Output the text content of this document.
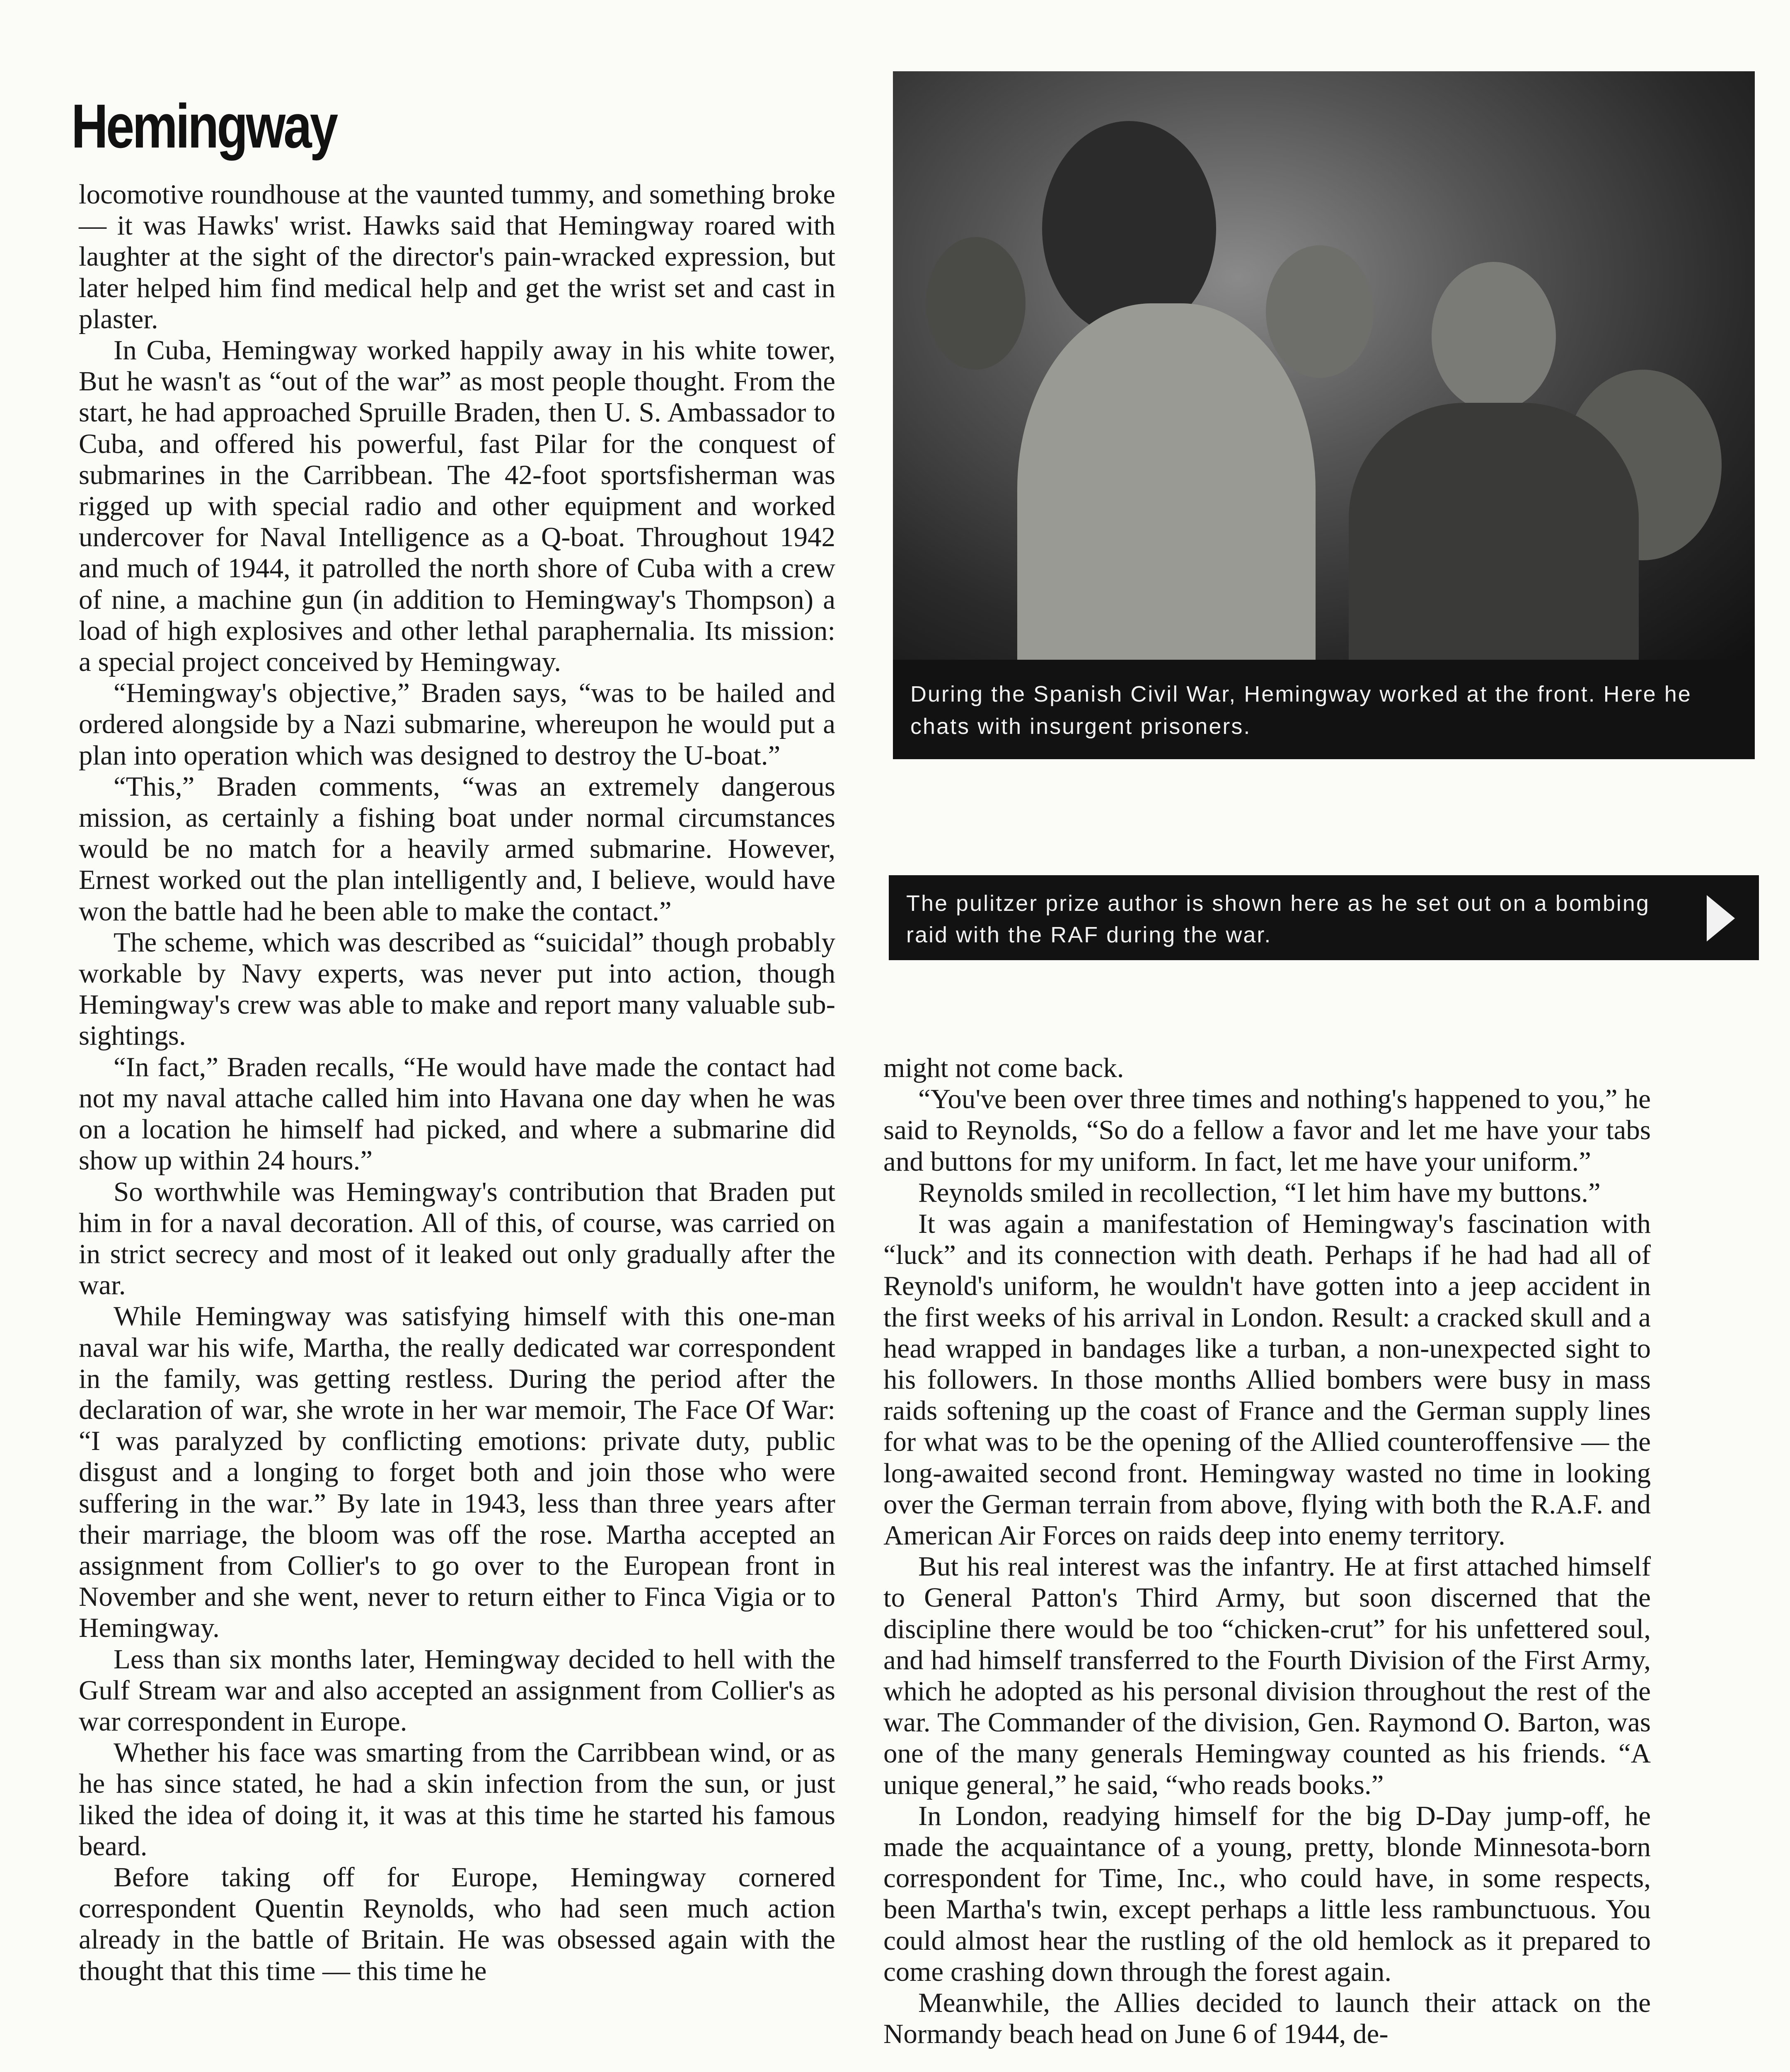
Hemingway

locomotive roundhouse at the vaunted tummy, and something broke — it was Hawks' wrist. Hawks said that Hemingway roared with laughter at the sight of the director's pain-wracked expression, but later helped him find medical help and get the wrist set and cast in plaster.

In Cuba, Hemingway worked happily away in his white tower, But he wasn't as “out of the war” as most people thought. From the start, he had approached Spruille Braden, then U. S. Ambassador to Cuba, and offered his powerful, fast Pilar for the conquest of submarines in the Carribbean. The 42-foot sportsfisherman was rigged up with special radio and other equipment and worked undercover for Naval Intelligence as a Q-boat. Throughout 1942 and much of 1944, it patrolled the north shore of Cuba with a crew of nine, a machine gun (in addition to Hemingway's Thompson) a load of high explosives and other lethal paraphernalia. Its mission: a special project conceived by Hemingway.

“Hemingway's objective,” Braden says, “was to be hailed and ordered alongside by a Nazi submarine, whereupon he would put a plan into operation which was designed to destroy the U-boat.”

“This,” Braden comments, “was an extremely dangerous mission, as certainly a fishing boat under normal circumstances would be no match for a heavily armed submarine. However, Ernest worked out the plan intelligently and, I believe, would have won the battle had he been able to make the contact.”

The scheme, which was described as “suicidal” though probably workable by Navy experts, was never put into action, though Hemingway's crew was able to make and report many valuable sub-sightings.

“In fact,” Braden recalls, “He would have made the contact had not my naval attache called him into Havana one day when he was on a location he himself had picked, and where a submarine did show up within 24 hours.”

So worthwhile was Hemingway's contribution that Braden put him in for a naval decoration. All of this, of course, was carried on in strict secrecy and most of it leaked out only gradually after the war.

While Hemingway was satisfying himself with this one-man naval war his wife, Martha, the really dedicated war correspondent in the family, was getting restless. During the period after the declaration of war, she wrote in her war memoir, The Face Of War: “I was paralyzed by conflicting emotions: private duty, public disgust and a longing to forget both and join those who were suffering in the war.” By late in 1943, less than three years after their marriage, the bloom was off the rose. Martha accepted an assignment from Collier's to go over to the European front in November and she went, never to return either to Finca Vigia or to Hemingway.

Less than six months later, Hemingway decided to hell with the Gulf Stream war and also accepted an assignment from Collier's as war correspondent in Europe.

Whether his face was smarting from the Carribbean wind, or as he has since stated, he had a skin infection from the sun, or just liked the idea of doing it, it was at this time he started his famous beard.

Before taking off for Europe, Hemingway cornered correspondent Quentin Reynolds, who had seen much action already in the battle of Britain. He was obsessed again with the thought that this time — this time he

During the Spanish Civil War, Hemingway worked at the front. Here he chats with insurgent prisoners.
The pulitzer prize author is shown here as he set out on a bombing raid with the RAF during the war.

might not come back.

“You've been over three times and nothing's happened to you,” he said to Reynolds, “So do a fellow a favor and let me have your tabs and buttons for my uniform. In fact, let me have your uniform.”

Reynolds smiled in recollection, “I let him have my buttons.”

It was again a manifestation of Hemingway's fascination with “luck” and its connection with death. Perhaps if he had had all of Reynold's uniform, he wouldn't have gotten into a jeep accident in the first weeks of his arrival in London. Result: a cracked skull and a head wrapped in bandages like a turban, a non-unexpected sight to his followers. In those months Allied bombers were busy in mass raids softening up the coast of France and the German supply lines for what was to be the opening of the Allied counteroffensive — the long-awaited second front. Hemingway wasted no time in looking over the German terrain from above, flying with both the R.A.F. and American Air Forces on raids deep into enemy territory.

But his real interest was the infantry. He at first attached himself to General Patton's Third Army, but soon discerned that the discipline there would be too “chicken-crut” for his unfettered soul, and had himself transferred to the Fourth Division of the First Army, which he adopted as his personal division throughout the rest of the war. The Commander of the division, Gen. Raymond O. Barton, was one of the many generals Hemingway counted as his friends. “A unique general,” he said, “who reads books.”

In London, readying himself for the big D-Day jump-off, he made the acquaintance of a young, pretty, blonde Minnesota-born correspondent for Time, Inc., who could have, in some respects, been Martha's twin, except perhaps a little less rambunctuous. You could almost hear the rustling of the old hemlock as it prepared to come crashing down through the forest again.

Meanwhile, the Allies decided to launch their attack on the Normandy beach head on June 6 of 1944, de-
